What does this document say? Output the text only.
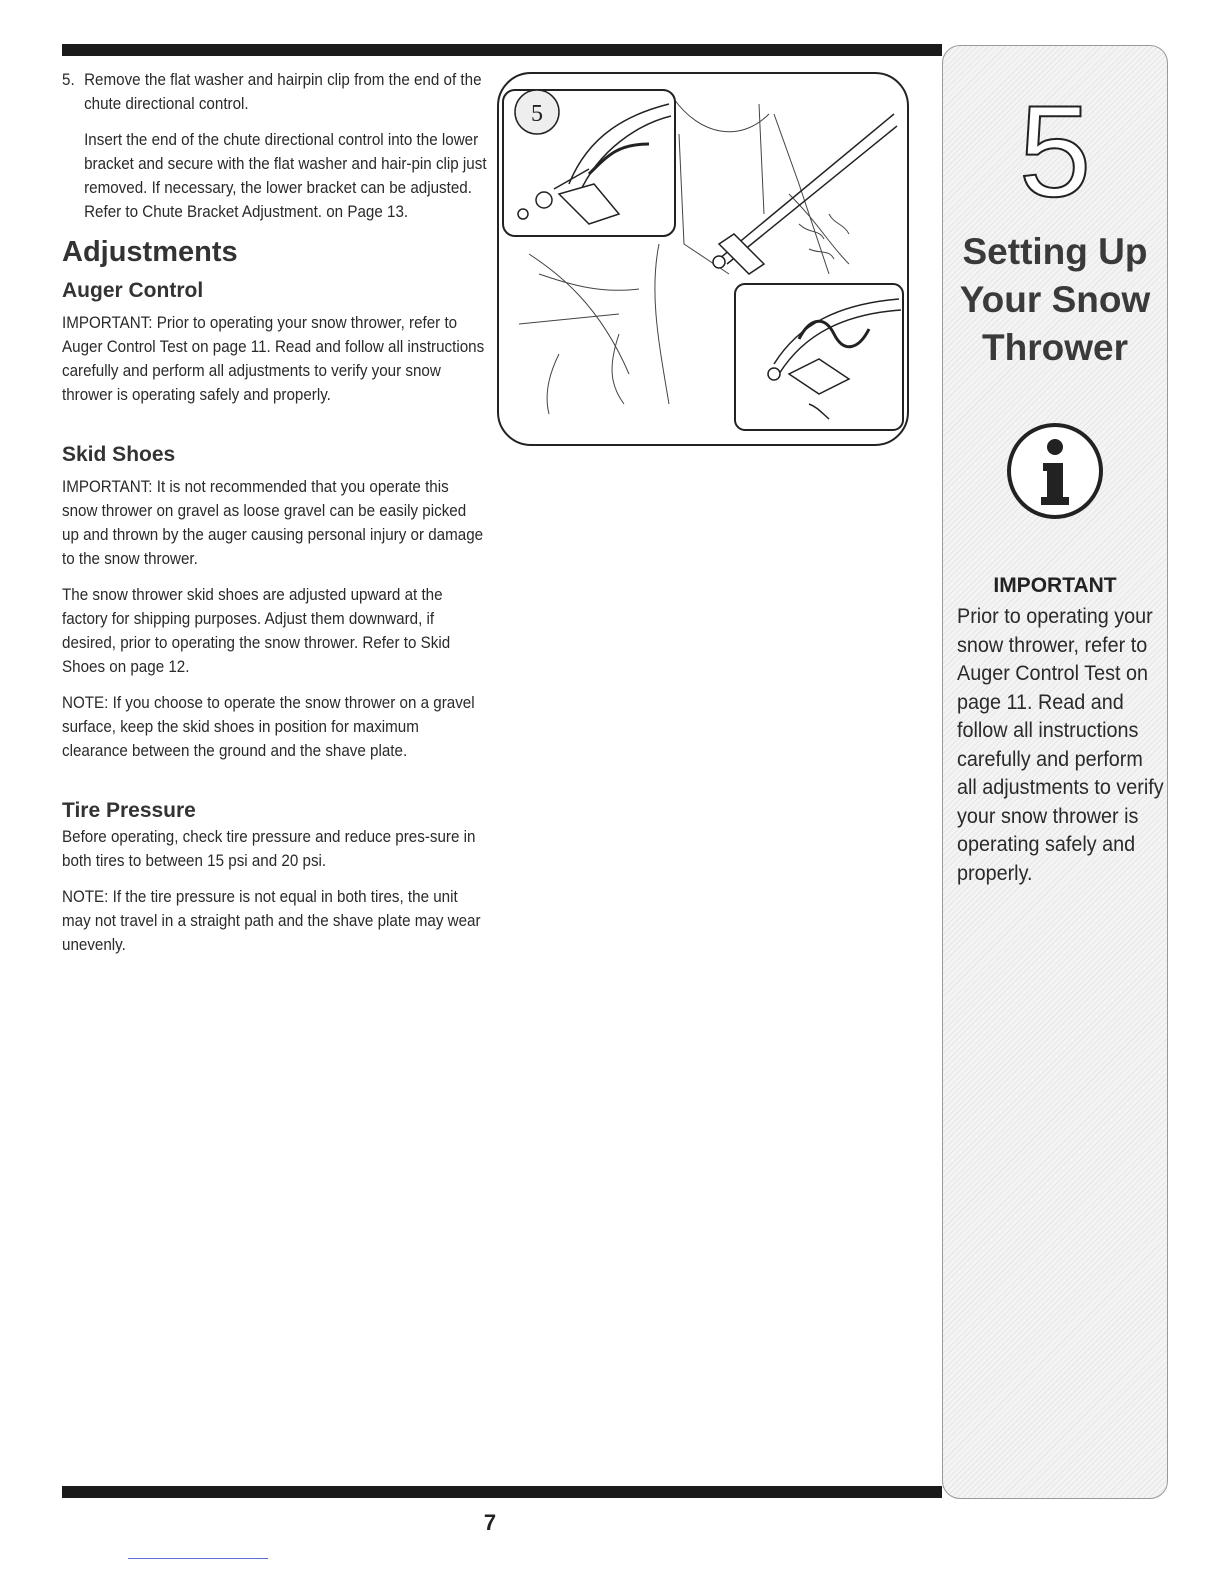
5. Remove the flat washer and hairpin clip from the end of the chute directional control.

Insert the end of the chute directional control into the lower bracket and secure with the flat washer and hair-pin clip just removed. If necessary, the lower bracket can be adjusted. Refer to Chute Bracket Adjustment. on Page 13.

Adjustments
Auger Control

IMPORTANT: Prior to operating your snow thrower, refer to Auger Control Test on page 11. Read and follow all instructions carefully and perform all adjustments to verify your snow thrower is operating safely and properly.

Skid Shoes

IMPORTANT: It is not recommended that you operate this snow thrower on gravel as loose gravel can be easily picked up and thrown by the auger causing personal injury or damage to the snow thrower.

The snow thrower skid shoes are adjusted upward at the factory for shipping purposes. Adjust them downward, if desired, prior to operating the snow thrower. Refer to Skid Shoes on page 12.

NOTE: If you choose to operate the snow thrower on a gravel surface, keep the skid shoes in position for maximum clearance between the ground and the shave plate.

Tire Pressure

Before operating, check tire pressure and reduce pres-sure in both tires to between 15 psi and 20 psi.

NOTE: If the tire pressure is not equal in both tires, the unit may not travel in a straight path and the shave plate may wear unevenly.

5	5
Setting Up Your Snow Thrower
IMPORTANT
Prior to operating your snow thrower, refer to Auger Control Test on page 11. Read and follow all instructions carefully and perform all adjustments to verify your snow thrower is operating safely and properly.
7
